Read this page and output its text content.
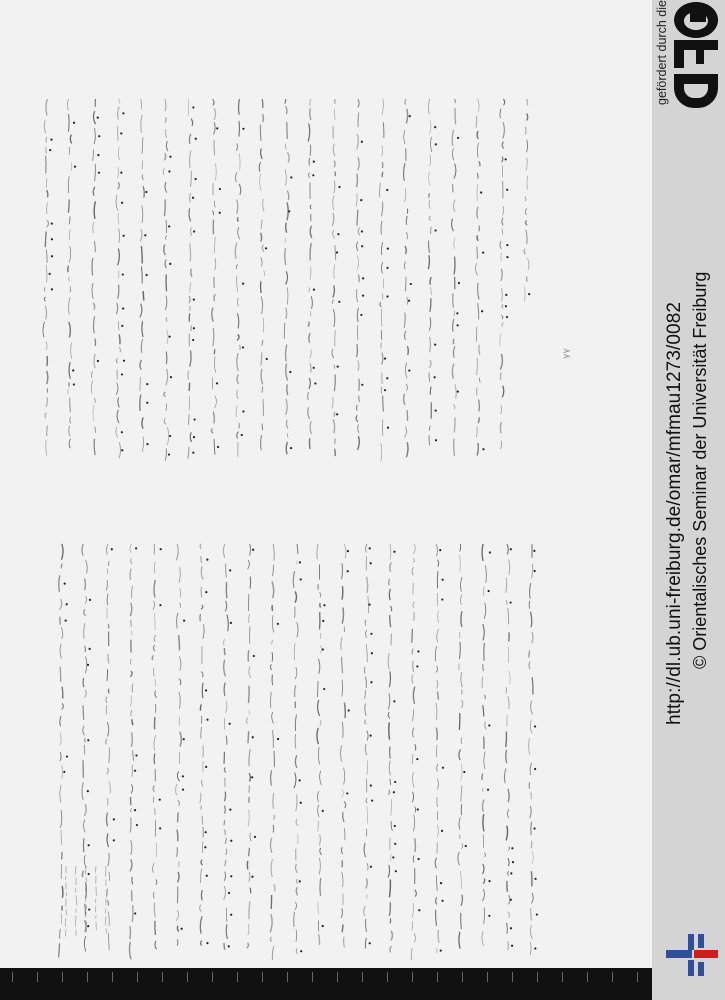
٧٧
gefördert durch die
http://dl.ub.uni-freiburg.de/omar/mfmau1273/0082 © Orientalisches Seminar der Universität Freiburg
